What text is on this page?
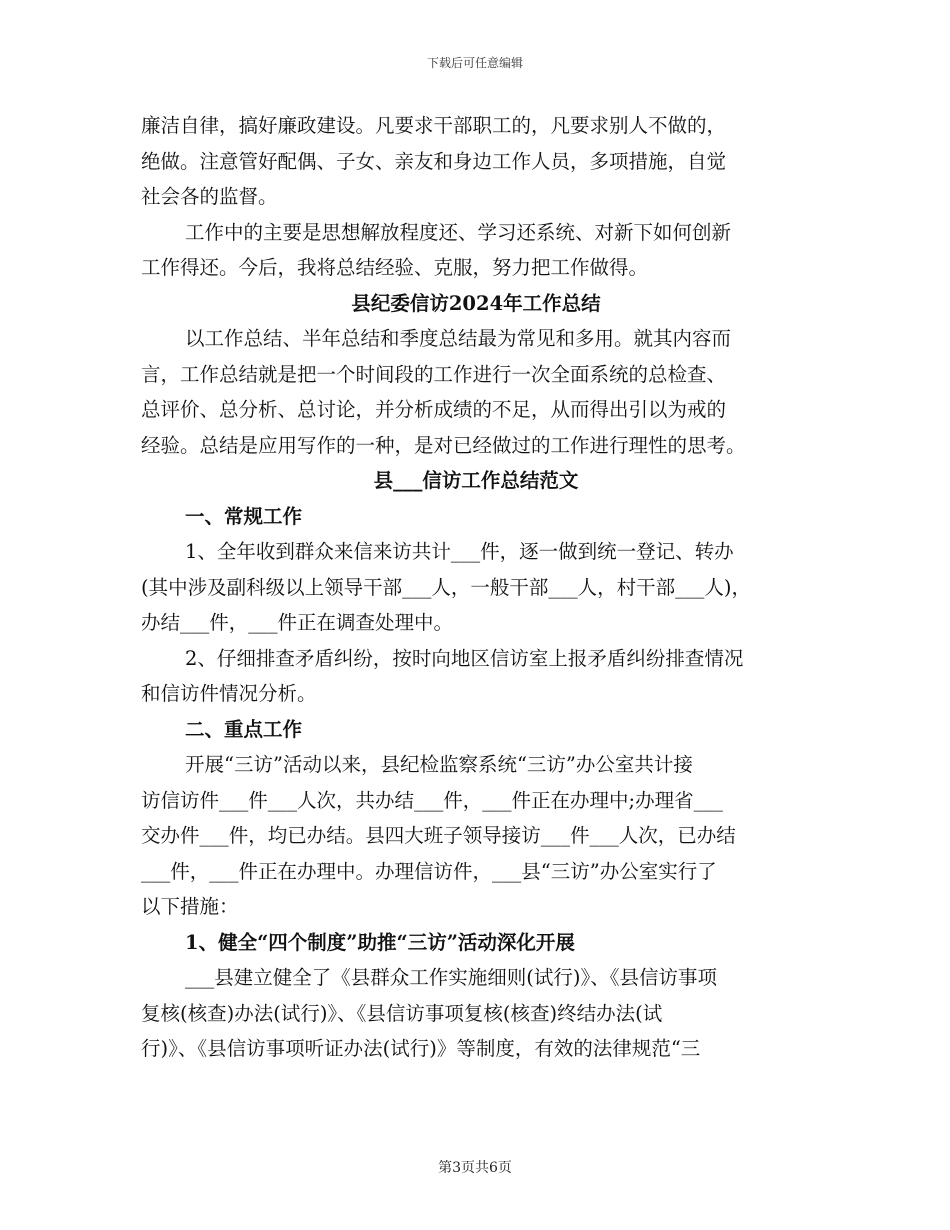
下载后可任意编辑
廉洁自律，搞好廉政建设。凡要求干部职工的，凡要求别人不做的，
绝做。注意管好配偶、子女、亲友和身边工作人员，多项措施，自觉
社会各的监督。
工作中的主要是思想解放程度还、学习还系统、对新下如何创新
工作得还。今后，我将总结经验、克服，努力把工作做得。
县纪委信访2024年工作总结
以工作总结、半年总结和季度总结最为常见和多用。就其内容而
言，工作总结就是把一个时间段的工作进行一次全面系统的总检查、
总评价、总分析、总讨论，并分析成绩的不足，从而得出引以为戒的
经验。总结是应用写作的一种，是对已经做过的工作进行理性的思考。
县___信访工作总结范文
一、常规工作
1、全年收到群众来信来访共计___件，逐一做到统一登记、转办
(其中涉及副科级以上领导干部___人，一般干部___人，村干部___人)，
办结___件，___件正在调查处理中。
2、仔细排查矛盾纠纷，按时向地区信访室上报矛盾纠纷排查情况
和信访件情况分析。
二、重点工作
开展“三访”活动以来，县纪检监察系统“三访”办公室共计接
访信访件___件___人次，共办结___件，___件正在办理中;办理省___
交办件___件，均已办结。县四大班子领导接访___件___人次，已办结
___件，___件正在办理中。办理信访件，___县“三访”办公室实行了
以下措施：
1、健全“四个制度”助推“三访”活动深化开展
___县建立健全了《县群众工作实施细则(试行)》、《县信访事项
复核(核查)办法(试行)》、《县信访事项复核(核查)终结办法(试
行)》、《县信访事项听证办法(试行)》等制度，有效的法律规范“三
第3页共6页
